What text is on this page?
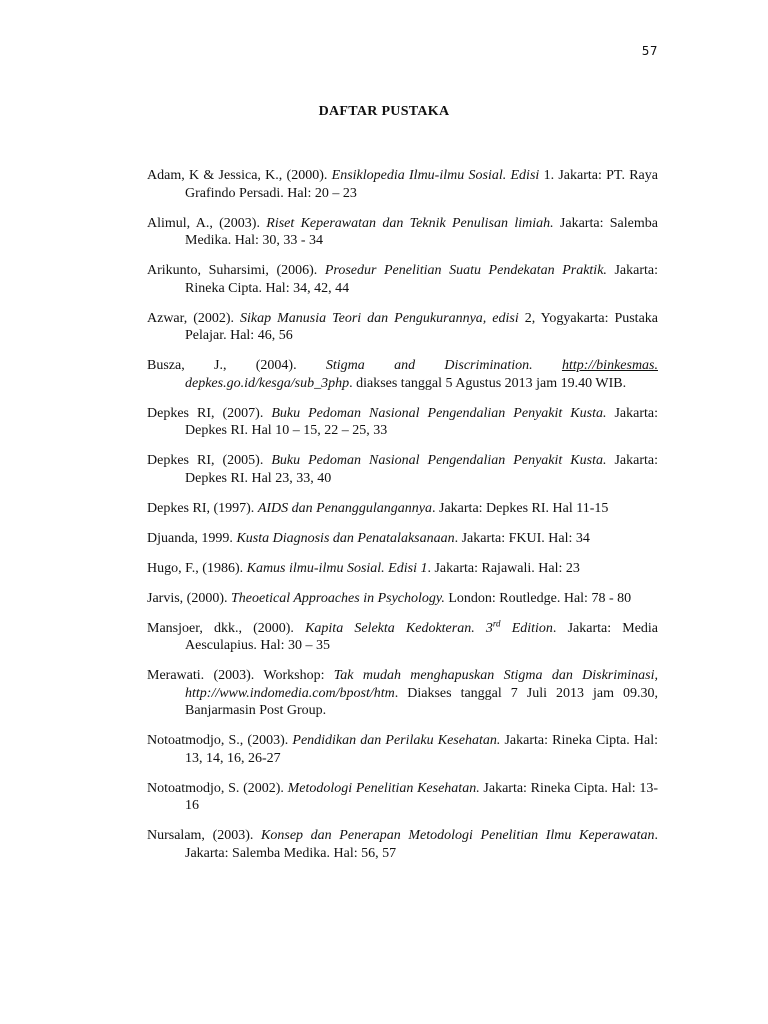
57
DAFTAR PUSTAKA

Adam, K & Jessica, K., (2000). Ensiklopedia Ilmu-ilmu Sosial. Edisi 1. Jakarta: PT. Raya Grafindo Persadi. Hal: 20 – 23

Alimul, A., (2003). Riset Keperawatan dan Teknik Penulisan limiah. Jakarta: Salemba Medika. Hal: 30, 33 - 34

Arikunto, Suharsimi, (2006). Prosedur Penelitian Suatu Pendekatan Praktik. Jakarta: Rineka Cipta. Hal: 34, 42, 44

Azwar, (2002). Sikap Manusia Teori dan Pengukurannya, edisi 2, Yogyakarta: Pustaka Pelajar. Hal: 46, 56

Busza, J., (2004). Stigma and Discrimination. http://binkesmas. depkes.go.id/kesga/sub_3php. diakses tanggal 5 Agustus 2013 jam 19.40 WIB.

Depkes RI, (2007). Buku Pedoman Nasional Pengendalian Penyakit Kusta. Jakarta: Depkes RI. Hal 10 – 15, 22 – 25, 33

Depkes RI, (2005). Buku Pedoman Nasional Pengendalian Penyakit Kusta. Jakarta: Depkes RI. Hal 23, 33, 40

Depkes RI, (1997). AIDS dan Penanggulangannya. Jakarta: Depkes RI. Hal 11-15

Djuanda, 1999. Kusta Diagnosis dan Penatalaksanaan. Jakarta: FKUI. Hal: 34

Hugo, F., (1986). Kamus ilmu-ilmu Sosial. Edisi 1. Jakarta: Rajawali. Hal: 23

Jarvis, (2000). Theoetical Approaches in Psychology. London: Routledge. Hal: 78 - 80

Mansjoer, dkk., (2000). Kapita Selekta Kedokteran. 3rd Edition. Jakarta: Media Aesculapius. Hal: 30 – 35

Merawati. (2003). Workshop: Tak mudah menghapuskan Stigma dan Diskriminasi, http://www.indomedia.com/bpost/htm. Diakses tanggal 7 Juli 2013 jam 09.30, Banjarmasin Post Group.

Notoatmodjo, S., (2003). Pendidikan dan Perilaku Kesehatan. Jakarta: Rineka Cipta. Hal: 13, 14, 16, 26-27

Notoatmodjo, S. (2002). Metodologi Penelitian Kesehatan. Jakarta: Rineka Cipta. Hal: 13-16

Nursalam, (2003). Konsep dan Penerapan Metodologi Penelitian Ilmu Keperawatan. Jakarta: Salemba Medika. Hal: 56, 57
